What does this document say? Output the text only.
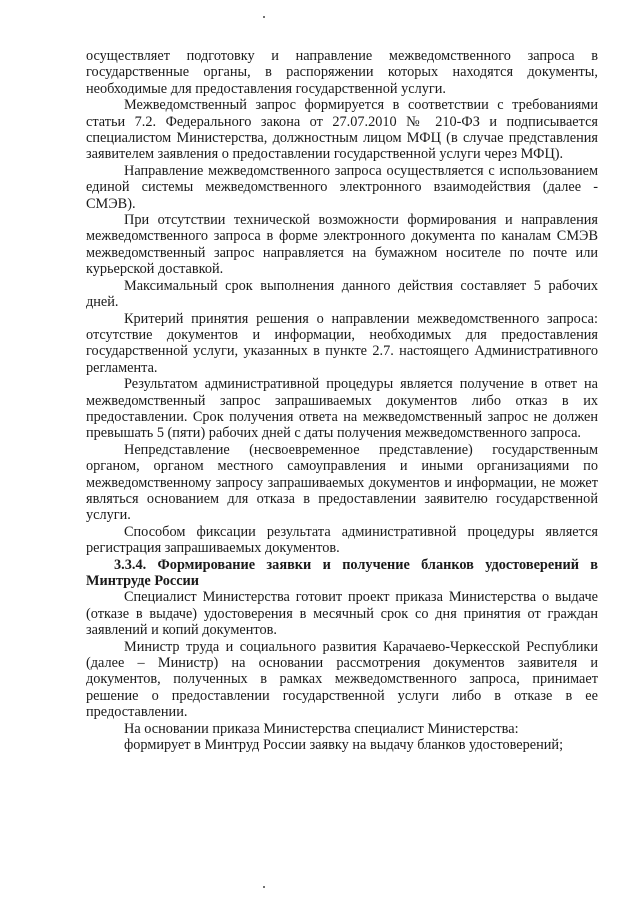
осуществляет подготовку и направление межведомственного запроса в государственные органы, в распоряжении которых находятся документы, необходимые для предоставления государственной услуги.

Межведомственный запрос формируется в соответствии с требованиями статьи 7.2. Федерального закона от 27.07.2010 № 210-ФЗ и подписывается специалистом Министерства, должностным лицом МФЦ (в случае представления заявителем заявления о предоставлении государственной услуги через МФЦ).

Направление межведомственного запроса осуществляется с использованием единой системы межведомственного электронного взаимодействия (далее - СМЭВ).

При отсутствии технической возможности формирования и направления межведомственного запроса в форме электронного документа по каналам СМЭВ межведомственный запрос направляется на бумажном носителе по почте или курьерской доставкой.

Максимальный срок выполнения данного действия составляет 5 рабочих дней.

Критерий принятия решения о направлении межведомственного запроса: отсутствие документов и информации, необходимых для предоставления государственной услуги, указанных в пункте 2.7. настоящего Административного регламента.

Результатом административной процедуры является получение в ответ на межведомственный запрос запрашиваемых документов либо отказ в их предоставлении. Срок получения ответа на межведомственный запрос не должен превышать 5 (пяти) рабочих дней с даты получения межведомственного запроса.

Непредставление (несвоевременное представление) государственным органом, органом местного самоуправления и иными организациями по межведомственному запросу запрашиваемых документов и информации, не может являться основанием для отказа в предоставлении заявителю государственной услуги.

Способом фиксации результата административной процедуры является регистрация запрашиваемых документов.

3.3.4. Формирование заявки и получение бланков удостоверений в Минтруде России

Специалист Министерства готовит проект приказа Министерства о выдаче (отказе в выдаче) удостоверения в месячный срок со дня принятия от граждан заявлений и копий документов.

Министр труда и социального развития Карачаево-Черкесской Республики (далее – Министр) на основании рассмотрения документов заявителя и документов, полученных в рамках межведомственного запроса, принимает решение о предоставлении государственной услуги либо в отказе в ее предоставлении.

На основании приказа Министерства специалист Министерства:

формирует в Минтруд России заявку на выдачу бланков удостоверений;
